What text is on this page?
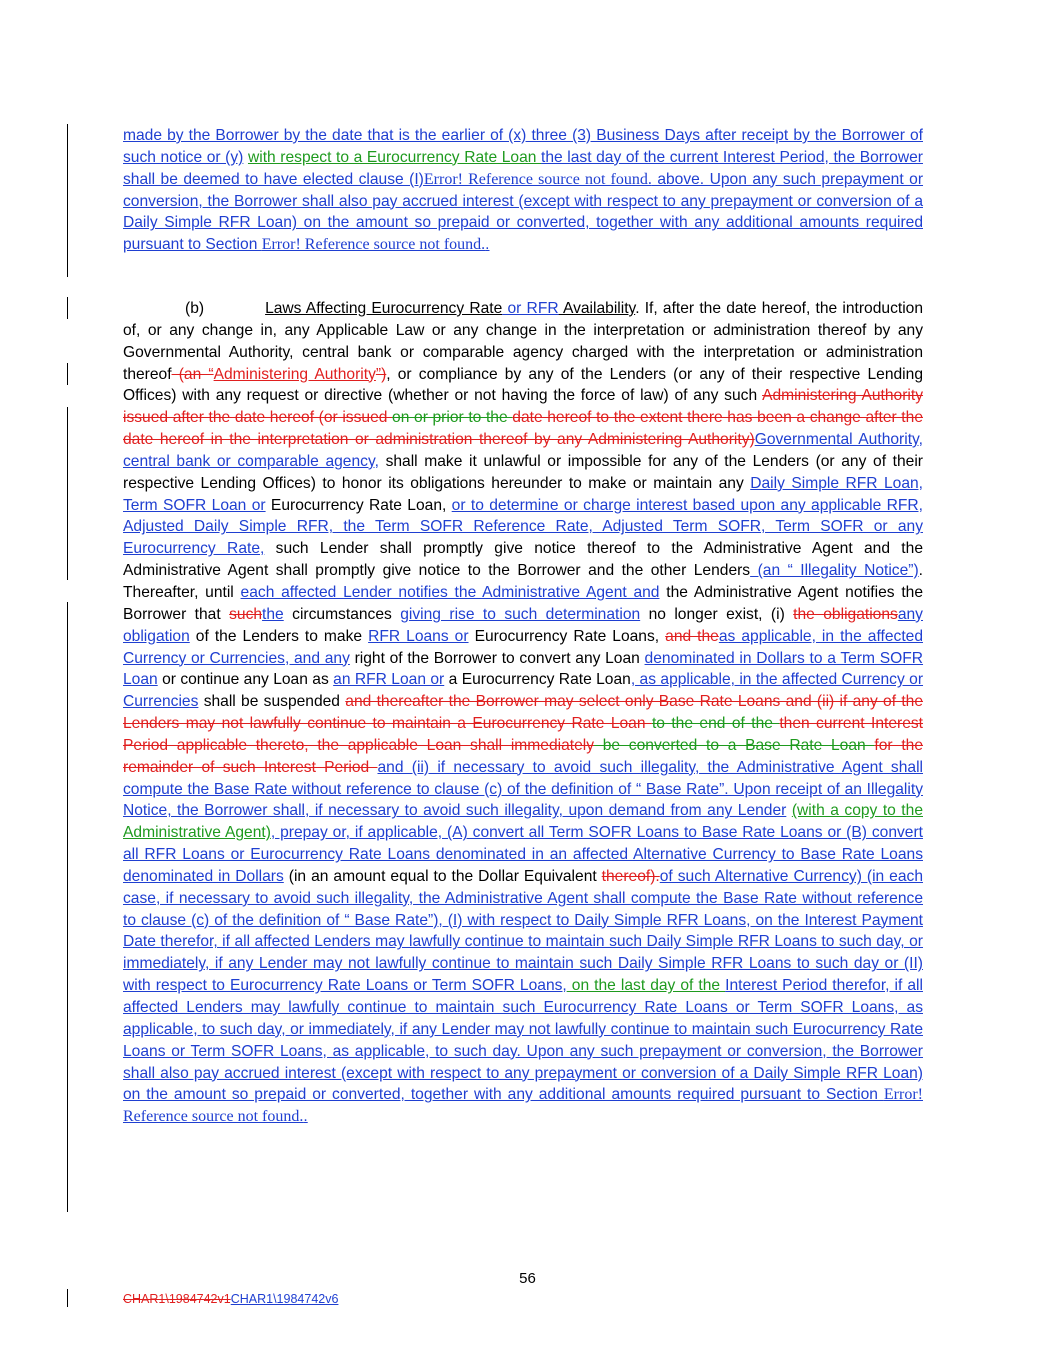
made by the Borrower by the date that is the earlier of (x) three (3) Business Days after receipt by the Borrower of such notice or (y) with respect to a Eurocurrency Rate Loan the last day of the current Interest Period, the Borrower shall be deemed to have elected clause (I)Error! Reference source not found. above. Upon any such prepayment or conversion, the Borrower shall also pay accrued interest (except with respect to any prepayment or conversion of a Daily Simple RFR Loan) on the amount so prepaid or converted, together with any additional amounts required pursuant to Section Error! Reference source not found..

(b)	Laws Affecting Eurocurrency Rate or RFR Availability. If, after the date hereof, the introduction of, or any change in, any Applicable Law or any change in the interpretation or administration thereof by any Governmental Authority, central bank or comparable agency charged with the interpretation or administration thereof (an “Administering Authority”), or compliance by any of the Lenders (or any of their respective Lending Offices) with any request or directive (whether or not having the force of law) of any such Administering Authority issued after the date hereof (or issued on or prior to the date hereof to the extent there has been a change after the date hereof in the interpretation or administration thereof by any Administering Authority)Governmental Authority, central bank or comparable agency, shall make it unlawful or impossible for any of the Lenders (or any of their respective Lending Offices) to honor its obligations hereunder to make or maintain any Daily Simple RFR Loan, Term SOFR Loan or Eurocurrency Rate Loan, or to determine or charge interest based upon any applicable RFR, Adjusted Daily Simple RFR, the Term SOFR Reference Rate, Adjusted Term SOFR, Term SOFR or any Eurocurrency Rate, such Lender shall promptly give notice thereof to the Administrative Agent and the Administrative Agent shall promptly give notice to the Borrower and the other Lenders (an “ Illegality Notice”). Thereafter, until each affected Lender notifies the Administrative Agent and the Administrative Agent notifies the Borrower that suchthe circumstances giving rise to such determination no longer exist, (i) the obligationsany obligation of the Lenders to make RFR Loans or Eurocurrency Rate Loans, and theas applicable, in the affected Currency or Currencies, and any right of the Borrower to convert any Loan denominated in Dollars to a Term SOFR Loan or continue any Loan as an RFR Loan or a Eurocurrency Rate Loan, as applicable, in the affected Currency or Currencies shall be suspended and thereafter the Borrower may select only Base Rate Loans and (ii) if any of the Lenders may not lawfully continue to maintain a Eurocurrency Rate Loan to the end of the then current Interest Period applicable thereto, the applicable Loan shall immediately be converted to a Base Rate Loan for the remainder of such Interest Period and (ii) if necessary to avoid such illegality, the Administrative Agent shall compute the Base Rate without reference to clause (c) of the definition of “ Base Rate”. Upon receipt of an Illegality Notice, the Borrower shall, if necessary to avoid such illegality, upon demand from any Lender (with a copy to the Administrative Agent), prepay or, if applicable, (A) convert all Term SOFR Loans to Base Rate Loans or (B) convert all RFR Loans or Eurocurrency Rate Loans denominated in an affected Alternative Currency to Base Rate Loans denominated in Dollars (in an amount equal to the Dollar Equivalent thereof).of such Alternative Currency) (in each case, if necessary to avoid such illegality, the Administrative Agent shall compute the Base Rate without reference to clause (c) of the definition of “ Base Rate”), (I) with respect to Daily Simple RFR Loans, on the Interest Payment Date therefor, if all affected Lenders may lawfully continue to maintain such Daily Simple RFR Loans to such day, or immediately, if any Lender may not lawfully continue to maintain such Daily Simple RFR Loans to such day or (II) with respect to Eurocurrency Rate Loans or Term SOFR Loans, on the last day of the Interest Period therefor, if all affected Lenders may lawfully continue to maintain such Eurocurrency Rate Loans or Term SOFR Loans, as applicable, to such day, or immediately, if any Lender may not lawfully continue to maintain such Eurocurrency Rate Loans or Term SOFR Loans, as applicable, to such day. Upon any such prepayment or conversion, the Borrower shall also pay accrued interest (except with respect to any prepayment or conversion of a Daily Simple RFR Loan) on the amount so prepaid or converted, together with any additional amounts required pursuant to Section Error! Reference source not found..

56
CHAR1\1984742v1CHAR1\1984742v6
